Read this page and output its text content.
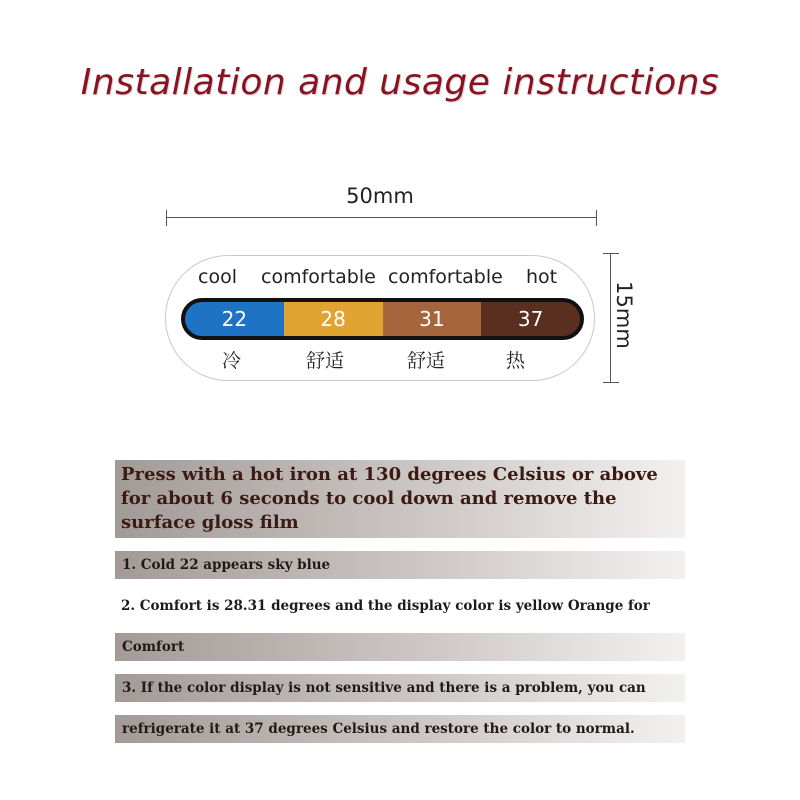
Installation and usage instructions
50mm
15mm
cool comfortable comfortable hot
22	28	31	37
冷	舒适	舒适	热
Press with a hot iron at 130 degrees Celsius or above for about 6 seconds to cool down and remove the surface gloss film
1. Cold 22 appears sky blue
2. Comfort is 28.31 degrees and the display color is yellow Orange for
Comfort
3. If the color display is not sensitive and there is a problem, you can
refrigerate it at 37 degrees Celsius and restore the color to normal.
